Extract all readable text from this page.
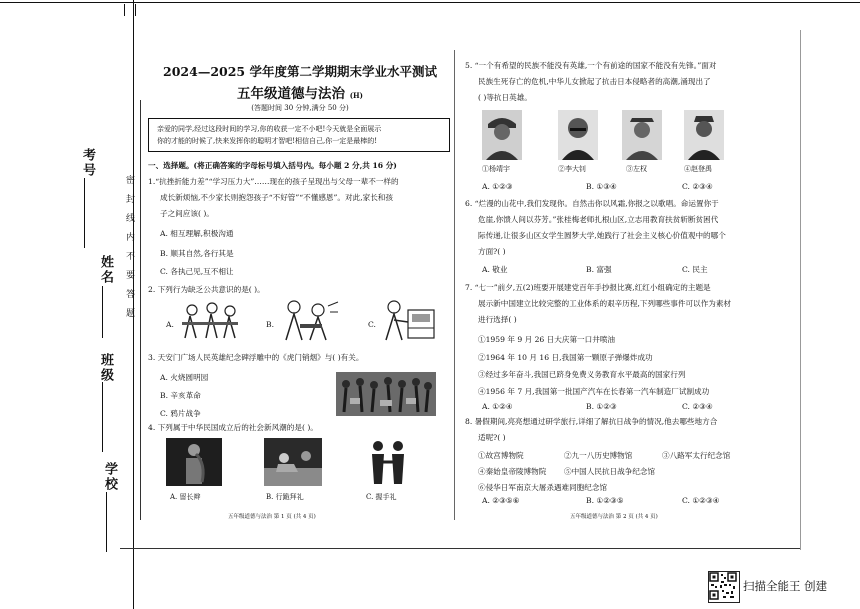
考号
姓名
班级
学校
密封线内不要答题
2024—2025 学年度第二学期期末学业水平测试
五年级道德与法治 (H)
(答题时间 30 分钟,满分 50 分)
亲爱的同学,经过这段时间的学习,你的收获一定不小吧!今天就是全面展示
你的才能的时候了,快来发挥你的聪明才智吧!相信自己,你一定是最棒的!
一、选择题。(将正确答案的字母标号填入括号内。每小题 2 分,共 16 分)
1.“抗挫折能力差”“学习压力大”……现在的孩子呈现出与父母一辈不一样的
成长新烦恼,不少家长则抱怨孩子“不好管”“不懂感恩”。对此,家长和孩
子之间应该( )。
A. 相互理解,积极沟通
B. 顺其自然,各行其是
C. 各执己见,互不相让
2. 下列行为缺乏公共意识的是( )。
A.	B.	C.
3. 天安门广场人民英雄纪念碑浮雕中的《虎门销烟》与( )有关。
A. 火烧圆明园
B. 辛亥革命
C. 鸦片战争
4. 下列属于中华民国成立后的社会新风潮的是( )。
A. 留长辫	B. 行跪拜礼	C. 握手礼
五年级道德与法治 第 1 页 (共 4 页)
5. “一个有希望的民族不能没有英雄,一个有前途的国家不能没有先锋。”面对
民族生死存亡的危机,中华儿女掀起了抗击日本侵略者的高潮,涌现出了
( )等抗日英雄。
①杨靖宇	②李大钊	③左权	④赵登禹
A. ①②③	B. ①③④	C. ②③④
6. “烂漫的山花中,我们发现你。自然击你以风霜,你报之以歌唱。命运置你于
危崖,你馈人间以芬芳。”张桂梅老师扎根山区,立志用教育扶贫斩断贫困代
际传递,让很多山区女学生圆梦大学,她践行了社会主义核心价值观中的哪个
方面?( )
A. 敬业	B. 富强	C. 民主
7. “七一”前夕,五(2)班要开展建党百年手抄报比赛,红红小组确定的主题是
展示新中国建立比较完整的工业体系的艰辛历程,下列哪些事件可以作为素材
进行选择( )
①1959 年 9 月 26 日大庆第一口井喷油
②1964 年 10 月 16 日,我国第一颗原子弹爆炸成功
③经过多年奋斗,我国已跻身免费义务教育水平最高的国家行列
④1956 年 7 月,我国第一批国产汽车在长春第一汽车制造厂试制成功
A. ①②④	B. ①②③	C. ②③④
8. 暑假期间,亮亮想通过研学旅行,详细了解抗日战争的情况,他去哪些地方合
适呢?( )
①故宫博物院	②九一八历史博物馆	③八路军太行纪念馆
④秦始皇帝陵博物院 ⑤中国人民抗日战争纪念馆
⑥侵华日军南京大屠杀遇难同胞纪念馆
A. ②③⑤⑥	B. ①②③⑤	C. ①②③④
五年级道德与法治 第 2 页 (共 4 页)
扫描全能王 创建
